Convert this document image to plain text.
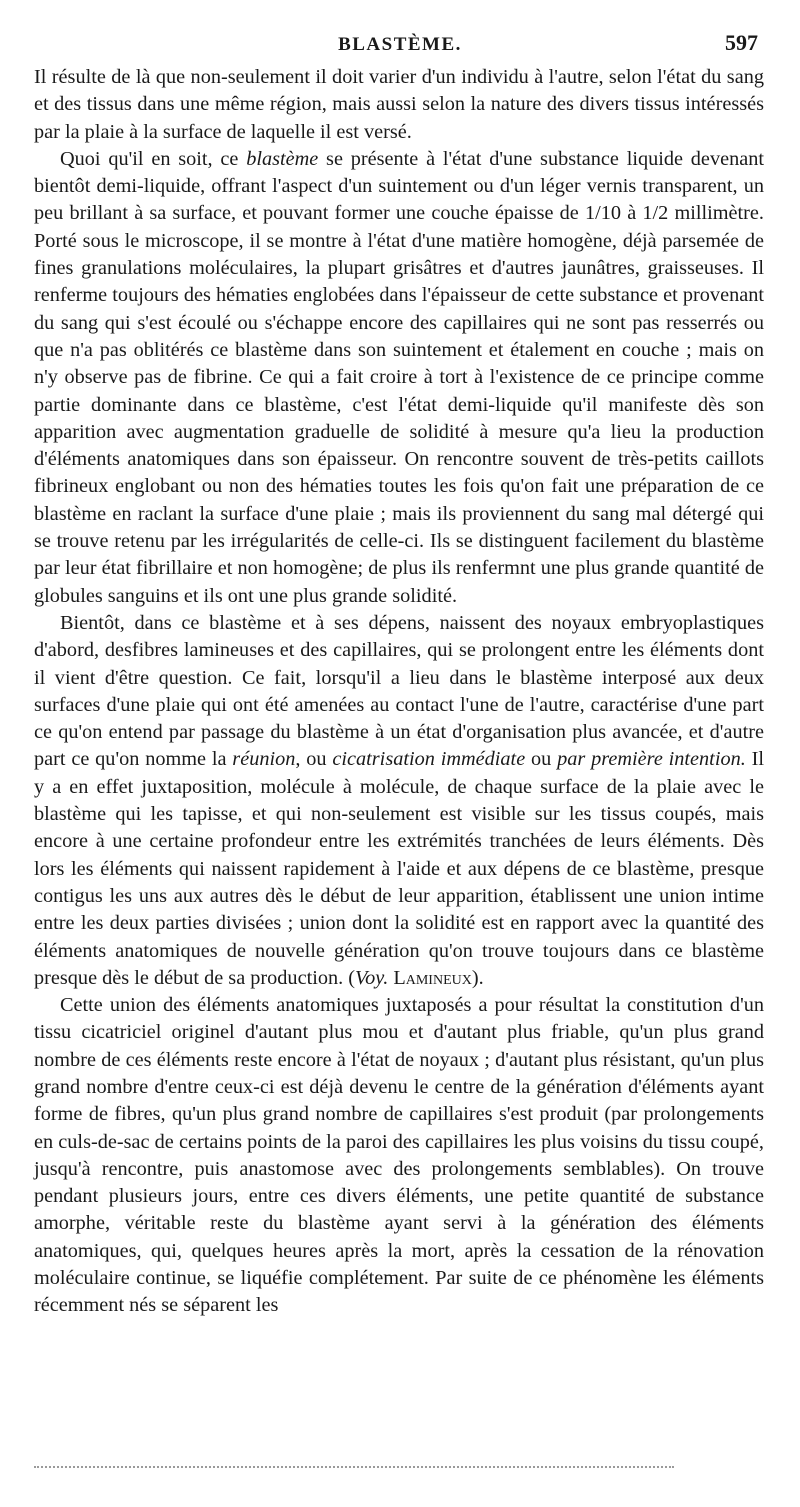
BLASTÈME.	597

Il résulte de là que non-seulement il doit varier d'un individu à l'autre, selon l'état du sang et des tissus dans une même région, mais aussi selon la nature des divers tissus intéressés par la plaie à la surface de laquelle il est versé.

Quoi qu'il en soit, ce blastème se présente à l'état d'une substance liquide devenant bientôt demi-liquide, offrant l'aspect d'un suintement ou d'un léger vernis transparent, un peu brillant à sa surface, et pouvant former une couche épaisse de 1/10 à 1/2 millimètre. Porté sous le microscope, il se montre à l'état d'une matière homogène, déjà parsemée de fines granulations moléculaires, la plupart grisâtres et d'autres jaunâtres, graisseuses. Il renferme toujours des hématies englobées dans l'épaisseur de cette substance et provenant du sang qui s'est écoulé ou s'échappe encore des capillaires qui ne sont pas resserrés ou que n'a pas oblitérés ce blastème dans son suintement et étalement en couche ; mais on n'y observe pas de fibrine. Ce qui a fait croire à tort à l'existence de ce principe comme partie dominante dans ce blastème, c'est l'état demi-liquide qu'il manifeste dès son apparition avec augmentation graduelle de solidité à mesure qu'a lieu la production d'éléments anatomiques dans son épaisseur. On rencontre souvent de très-petits caillots fibrineux englobant ou non des hématies toutes les fois qu'on fait une préparation de ce blastème en raclant la surface d'une plaie ; mais ils proviennent du sang mal détergé qui se trouve retenu par les irrégularités de celle-ci. Ils se distinguent facilement du blastème par leur état fibrillaire et non homogène; de plus ils renfermnt une plus grande quantité de globules sanguins et ils ont une plus grande solidité.

Bientôt, dans ce blastème et à ses dépens, naissent des noyaux embryoplastiques d'abord, desfibres lamineuses et des capillaires, qui se prolongent entre les éléments dont il vient d'être question. Ce fait, lorsqu'il a lieu dans le blastème interposé aux deux surfaces d'une plaie qui ont été amenées au contact l'une de l'autre, caractérise d'une part ce qu'on entend par passage du blastème à un état d'organisation plus avancée, et d'autre part ce qu'on nomme la réunion, ou cicatrisation immédiate ou par première intention. Il y a en effet juxtaposition, molécule à molécule, de chaque surface de la plaie avec le blastème qui les tapisse, et qui non-seulement est visible sur les tissus coupés, mais encore à une certaine profondeur entre les extrémités tranchées de leurs éléments. Dès lors les éléments qui naissent rapidement à l'aide et aux dépens de ce blastème, presque contigus les uns aux autres dès le début de leur apparition, établissent une union intime entre les deux parties divisées ; union dont la solidité est en rapport avec la quantité des éléments anatomiques de nouvelle génération qu'on trouve toujours dans ce blastème presque dès le début de sa production. (Voy. Lamineux).

Cette union des éléments anatomiques juxtaposés a pour résultat la constitution d'un tissu cicatriciel originel d'autant plus mou et d'autant plus friable, qu'un plus grand nombre de ces éléments reste encore à l'état de noyaux ; d'autant plus résistant, qu'un plus grand nombre d'entre ceux-ci est déjà devenu le centre de la génération d'éléments ayant forme de fibres, qu'un plus grand nombre de capillaires s'est produit (par prolongements en culs-de-sac de certains points de la paroi des capillaires les plus voisins du tissu coupé, jusqu'à rencontre, puis anastomose avec des prolongements semblables). On trouve pendant plusieurs jours, entre ces divers éléments, une petite quantité de substance amorphe, véritable reste du blastème ayant servi à la génération des éléments anatomiques, qui, quelques heures après la mort, après la cessation de la rénovation moléculaire continue, se liquéfie complétement. Par suite de ce phénomène les éléments récemment nés se séparent les
